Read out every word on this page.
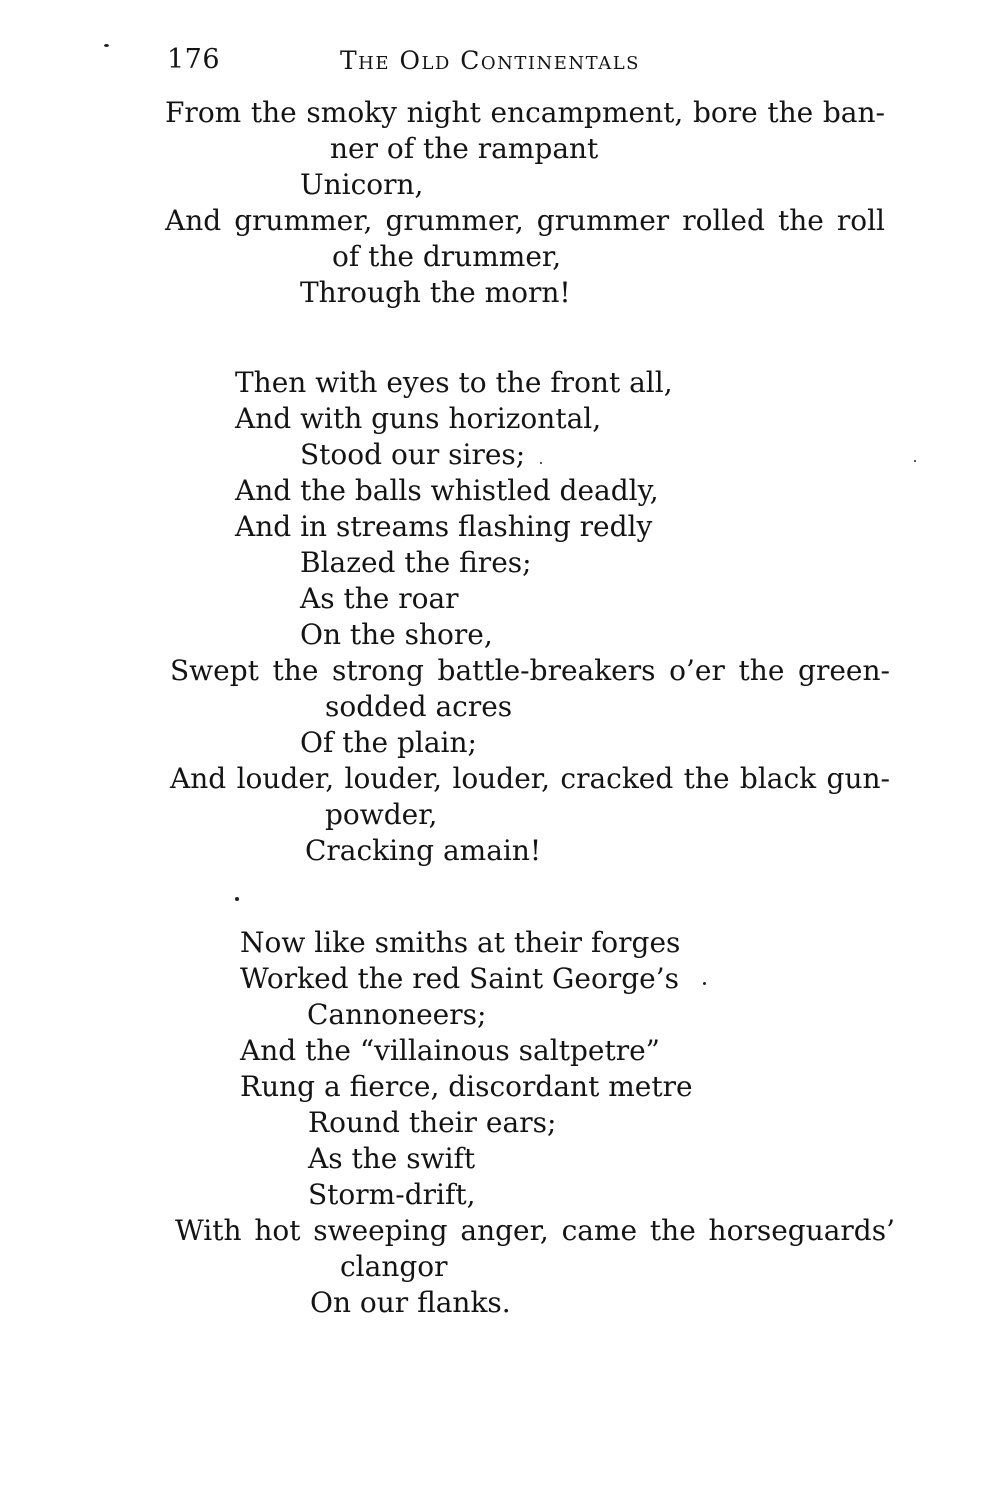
176	The Old Continentals
From the smoky night encampment, bore the ban-
ner of the rampant
Unicorn,
And grummer, grummer, grummer rolled the roll
of the drummer,
Through the morn!
Then with eyes to the front all,
And with guns horizontal,
Stood our sires;
And the balls whistled deadly,
And in streams flashing redly
Blazed the fires;
As the roar
On the shore,
Swept the strong battle-breakers o’er the green-
sodded acres
Of the plain;
And louder, louder, louder, cracked the black gun-
powder,
Cracking amain!
Now like smiths at their forges
Worked the red Saint George’s
Cannoneers;
And the “villainous saltpetre”
Rung a fierce, discordant metre
Round their ears;
As the swift
Storm-drift,
With hot sweeping anger, came the horseguards’
clangor
On our flanks.
